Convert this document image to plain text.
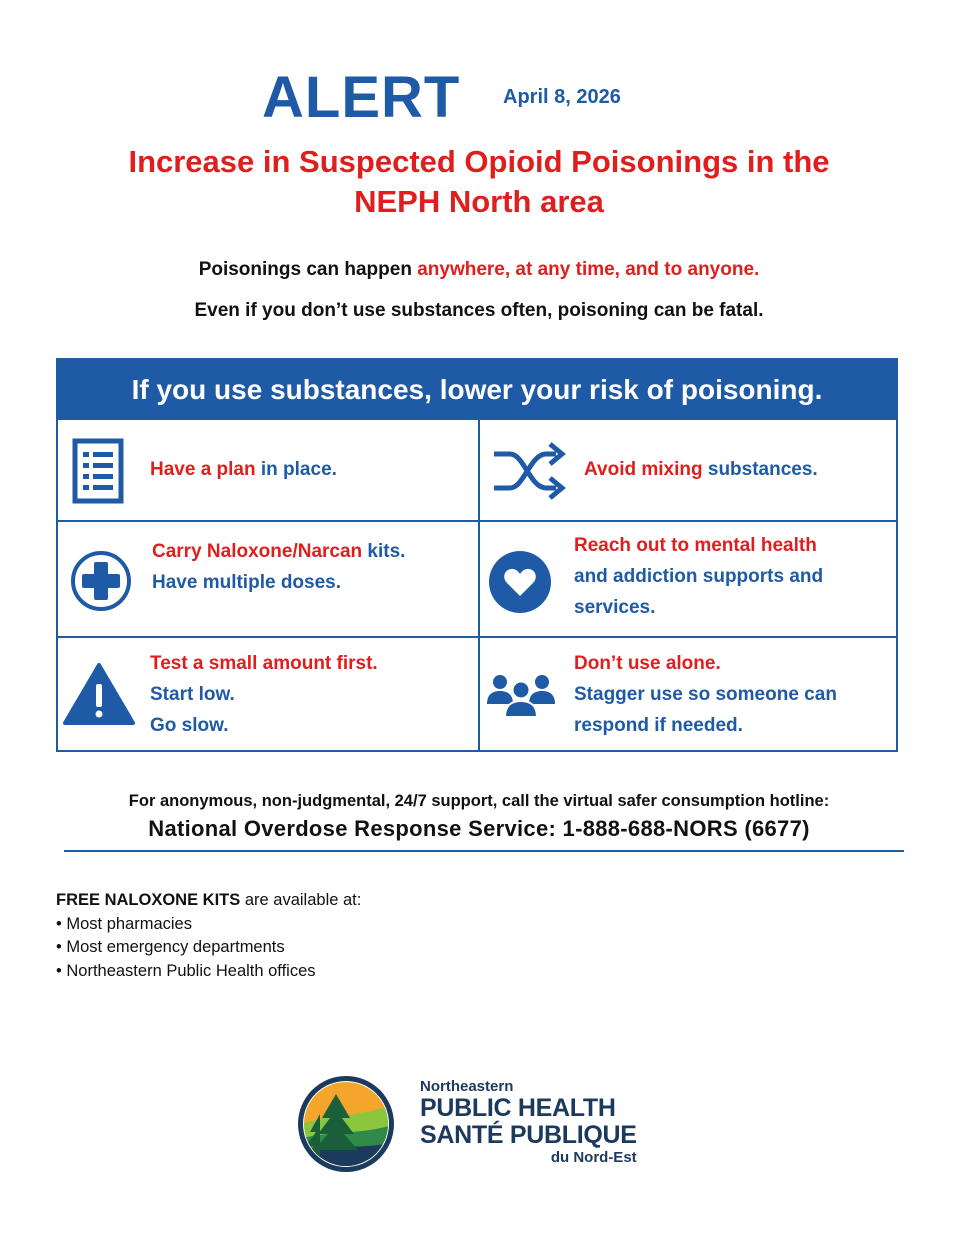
ALERT April 8, 2026
Increase in Suspected Opioid Poisonings in the
NEPH North area
Poisonings can happen anywhere, at any time, and to anyone.
Even if you don’t use substances often, poisoning can be fatal.
If you use substances, lower your risk of poisoning.
Have a plan in place.	Avoid mixing substances.
Carry Naloxone/Narcan kits.
Have multiple doses.
Reach out to mental health
and addiction supports and
services.
Test a small amount first.
Start low.
Go slow.
Don’t use alone.
Stagger use so someone can
respond if needed.
For anonymous, non-judgmental, 24/7 support, call the virtual safer consumption hotline:
National Overdose Response Service: 1-888-688-NORS (6677)
FREE NALOXONE KITS are available at:
• Most pharmacies
• Most emergency departments
• Northeastern Public Health offices
Northeastern
PUBLIC HEALTH
SANTÉ PUBLIQUE
du Nord-Est
